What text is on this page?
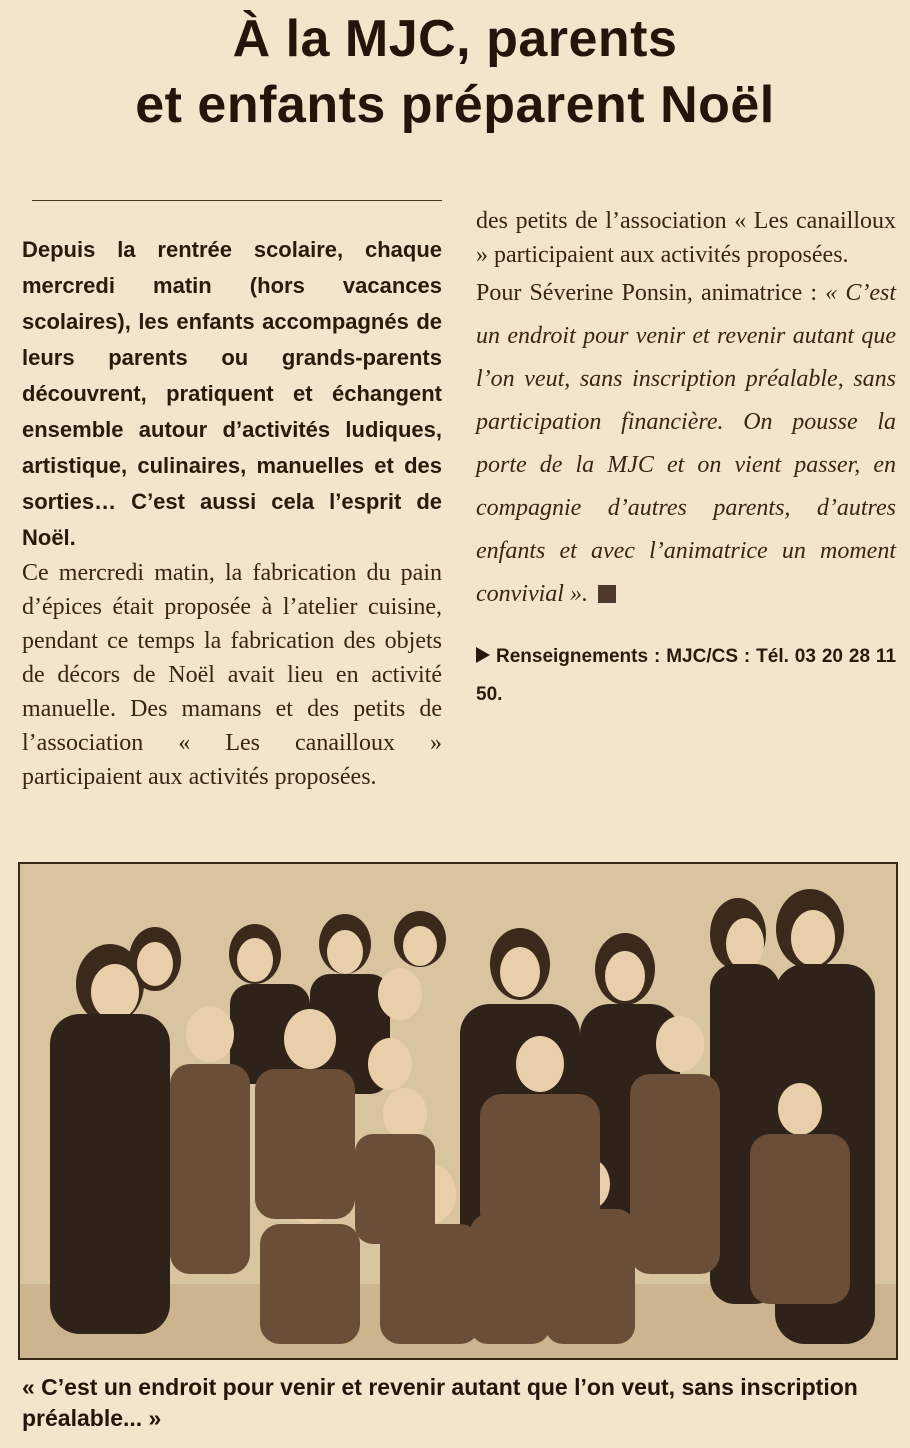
À la MJC, parents
et enfants préparent Noël

Depuis la rentrée scolaire, chaque mercredi matin (hors vacances scolaires), les enfants accompagnés de leurs parents ou grands-parents découvrent, pratiquent et échangent ensemble autour d’activités ludiques, artistique, culinaires, manuelles et des sorties… C’est aussi cela l’esprit de Noël.

Ce mercredi matin, la fabrication du pain d’épices était proposée à l’atelier cuisine, pendant ce temps la fabrication des objets de décors de Noël avait lieu en activité manuelle. Des mamans et des petits de l’association « Les canailloux » participaient aux activités proposées.

des petits de l’association « Les canailloux » participaient aux activités proposées.

Pour Séverine Ponsin, animatrice : « C’est un endroit pour venir et revenir autant que l’on veut, sans inscription préalable, sans participation financière. On pousse la porte de la MJC et on vient passer, en compagnie d’autres parents, d’autres enfants et avec l’animatrice un moment convivial ».

Renseignements : MJC/CS : Tél. 03 20 28 11 50.
« C’est un endroit pour venir et revenir autant que l’on veut, sans inscription préalable... »
